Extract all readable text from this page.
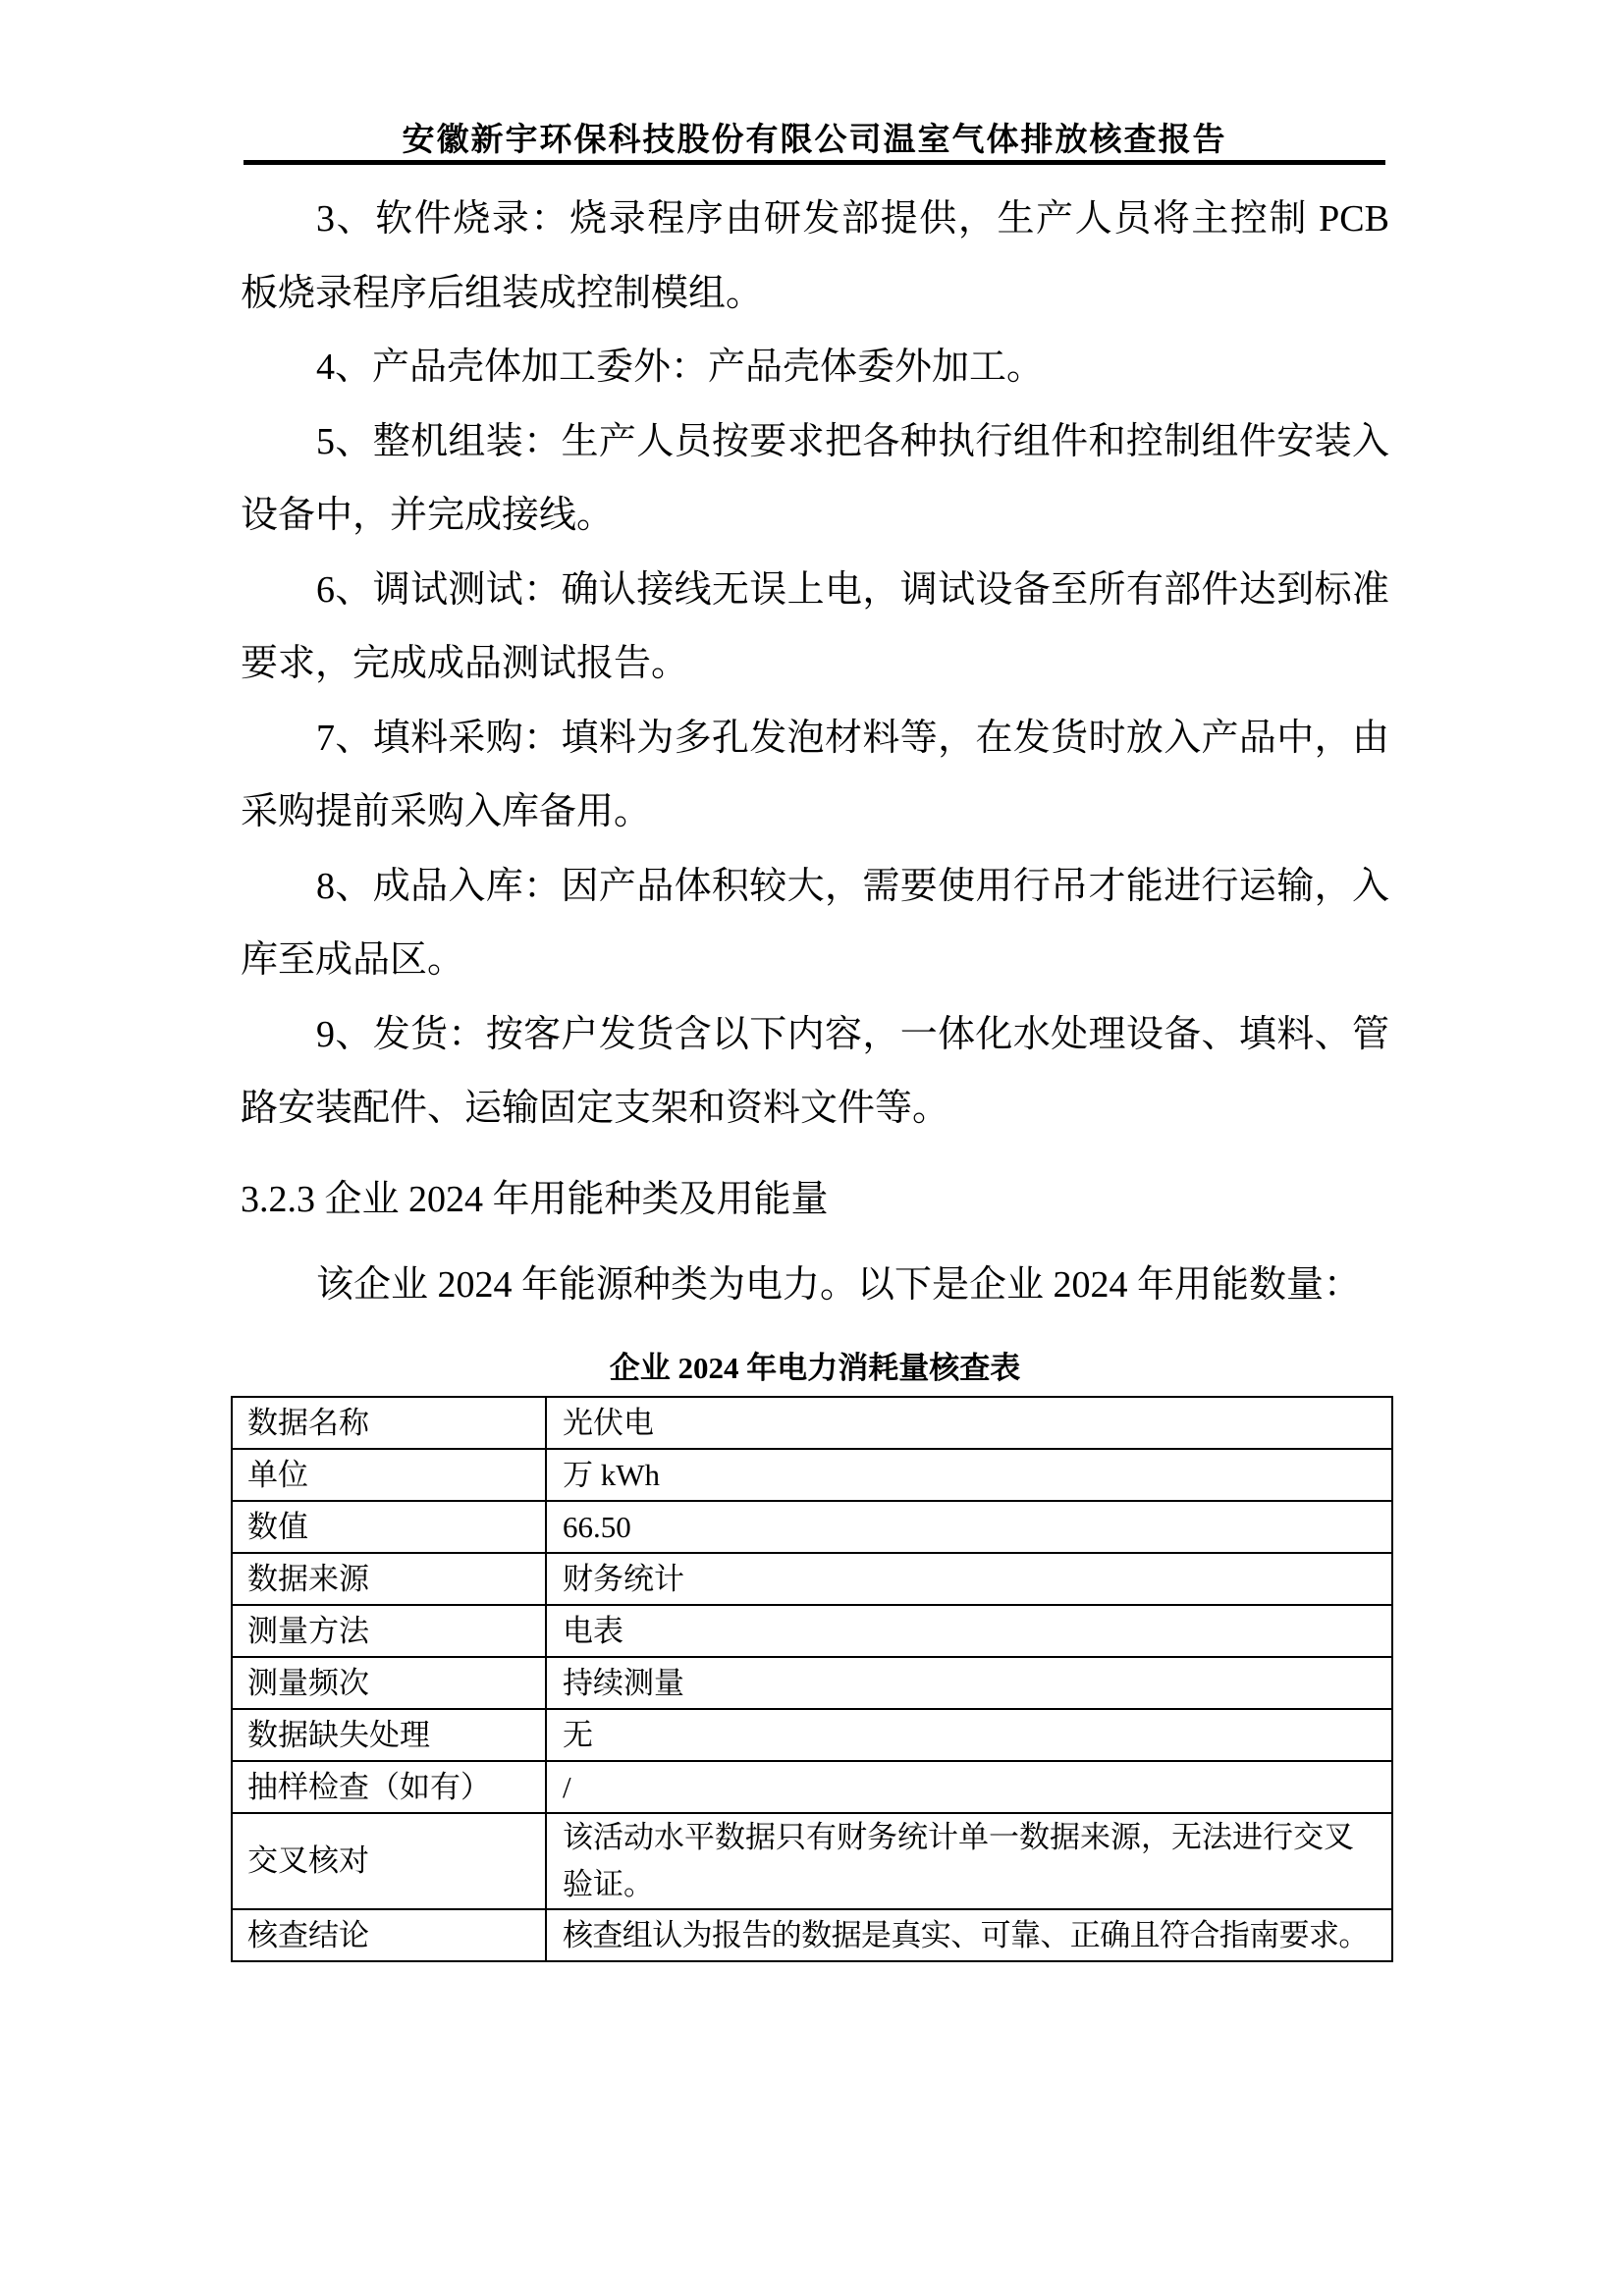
安徽新宇环保科技股份有限公司温室气体排放核查报告

3、软件烧录：烧录程序由研发部提供，生产人员将主控制 PCB 板烧录程序后组装成控制模组。

4、产品壳体加工委外：产品壳体委外加工。

5、整机组装：生产人员按要求把各种执行组件和控制组件安装入设备中，并完成接线。

6、调试测试：确认接线无误上电，调试设备至所有部件达到标准要求，完成成品测试报告。

7、填料采购：填料为多孔发泡材料等，在发货时放入产品中，由采购提前采购入库备用。

8、成品入库：因产品体积较大，需要使用行吊才能进行运输，入库至成品区。

9、发货：按客户发货含以下内容，一体化水处理设备、填料、管路安装配件、运输固定支架和资料文件等。

3.2.3 企业 2024 年用能种类及用能量

该企业 2024 年能源种类为电力。以下是企业 2024 年用能数量：

企业 2024 年电力消耗量核查表

数据名称	光伏电
单位	万 kWh
数值	66.50
数据来源	财务统计
测量方法	电表
测量频次	持续测量
数据缺失处理	无
抽样检查（如有）	/
交叉核对	该活动水平数据只有财务统计单一数据来源，无法进行交叉验证。
核查结论	核查组认为报告的数据是真实、可靠、正确且符合指南要求。
